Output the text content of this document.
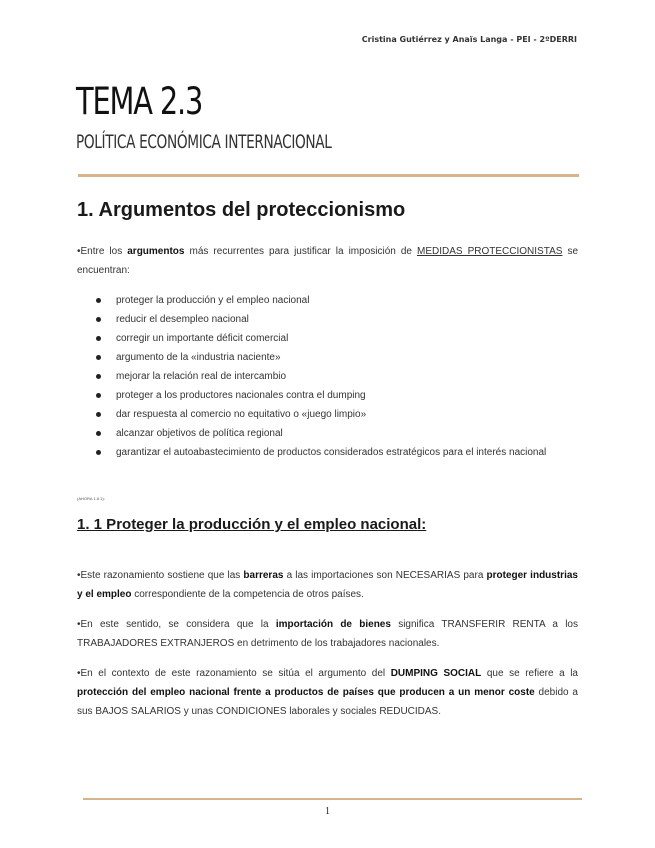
Cristina Gutiérrez y Anaïs Langa - PEI - 2ºDERRI
TEMA 2.3
POLÍTICA ECONÓMICA INTERNACIONAL
1. Argumentos del proteccionismo

•Entre los argumentos más recurrentes para justificar la imposición de MEDIDAS PROTECCIONISTAS se encuentran:

proteger la producción y el empleo nacional
reducir el desempleo nacional
corregir un importante déficit comercial
argumento de la «industria naciente»
mejorar la relación real de intercambio
proteger a los productores nacionales contra el dumping
dar respuesta al comercio no equitativo o «juego limpio»
alcanzar objetivos de política regional
garantizar el autoabastecimiento de productos considerados estratégicos para el interés nacional
(AHORA 1 A 1):
1. 1 Proteger la producción y el empleo nacional:

•Este razonamiento sostiene que las barreras a las importaciones son NECESARIAS para proteger industrias y el empleo correspondiente de la competencia de otros países.

•En este sentido, se considera que la importación de bienes significa TRANSFERIR RENTA a los TRABAJADORES EXTRANJEROS en detrimento de los trabajadores nacionales.

•En el contexto de este razonamiento se sitúa el argumento del DUMPING SOCIAL que se refiere a la protección del empleo nacional frente a productos de países que producen a un menor coste debido a sus BAJOS SALARIOS y unas CONDICIONES laborales y sociales REDUCIDAS.

1
